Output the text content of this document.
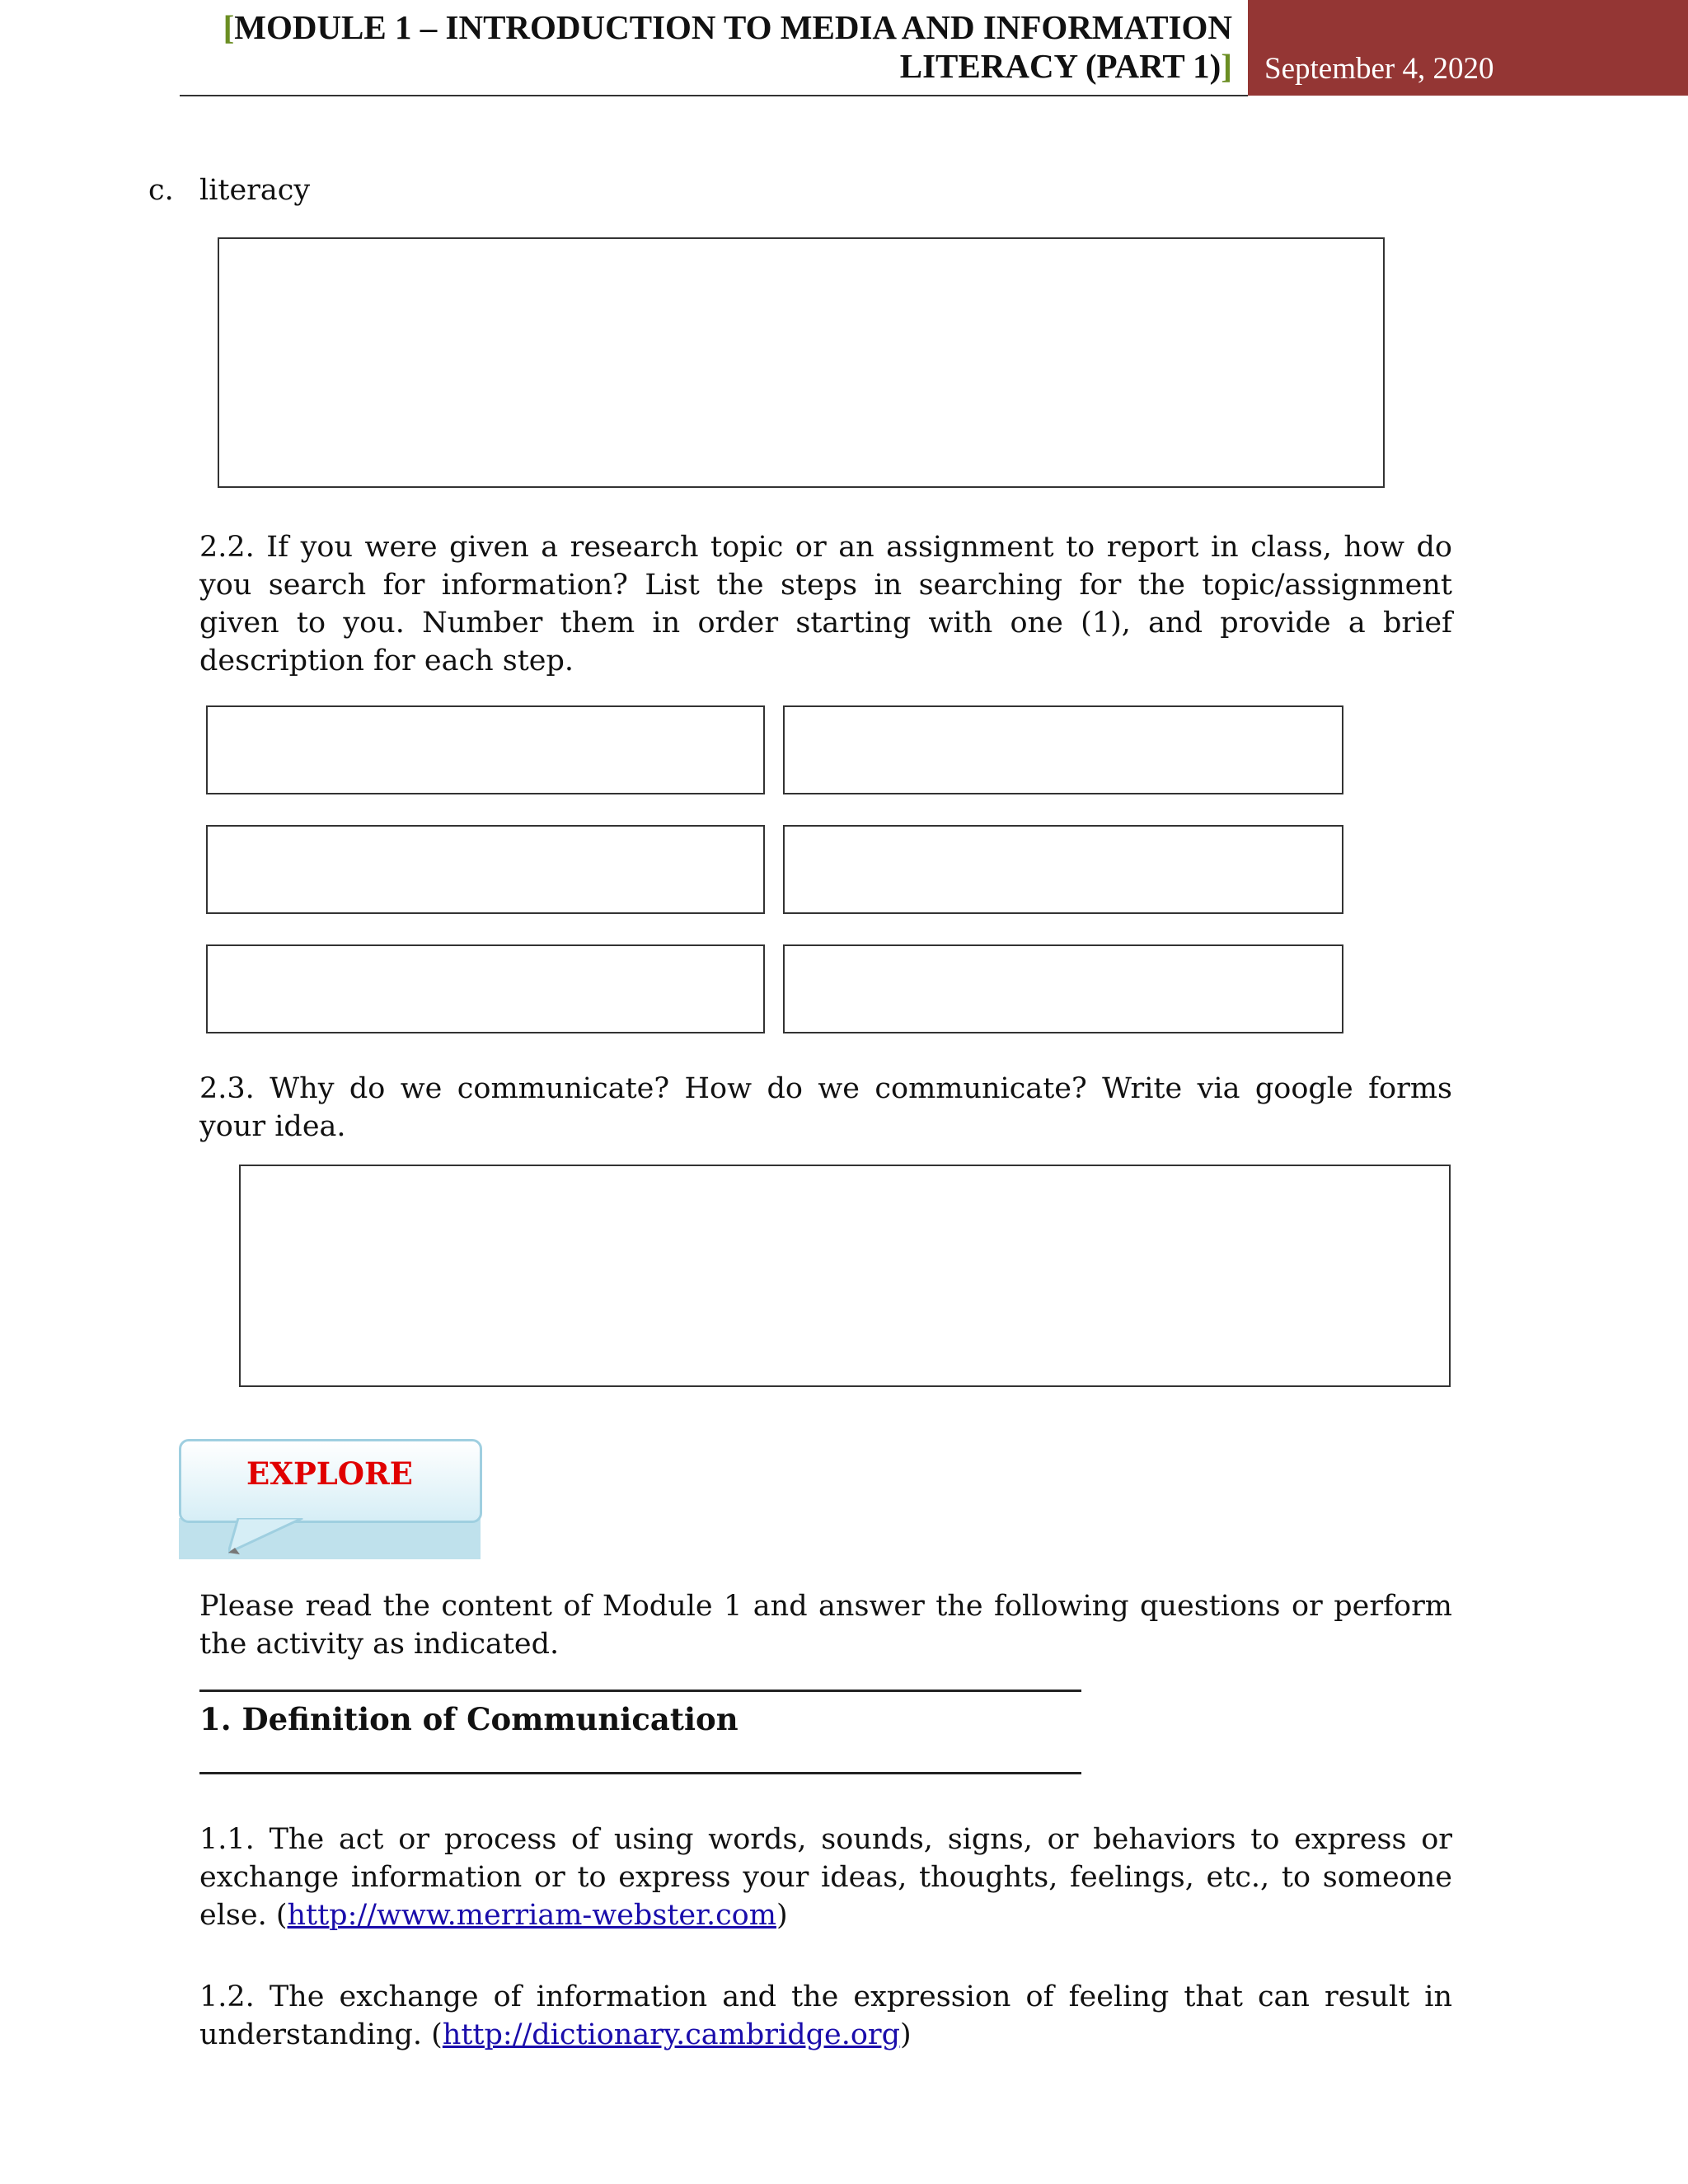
[MODULE 1 – INTRODUCTION TO MEDIA AND INFORMATION
LITERACY (PART 1)] September 4, 2020
c. literacy
2.2. If you were given a research topic or an assignment to report in class, how do you search for information? List the steps in searching for the topic/assignment given to you. Number them in order starting with one (1), and provide a brief description for each step.
2.3. Why do we communicate? How do we communicate? Write via google forms your idea.
EXPLORE
Please read the content of Module 1 and answer the following questions or perform the activity as indicated.
1. Definition of Communication
1.1. The act or process of using words, sounds, signs, or behaviors to express or exchange information or to express your ideas, thoughts, feelings, etc., to someone else. (http://www.merriam-webster.com)
1.2. The exchange of information and the expression of feeling that can result in understanding. (http://dictionary.cambridge.org)
